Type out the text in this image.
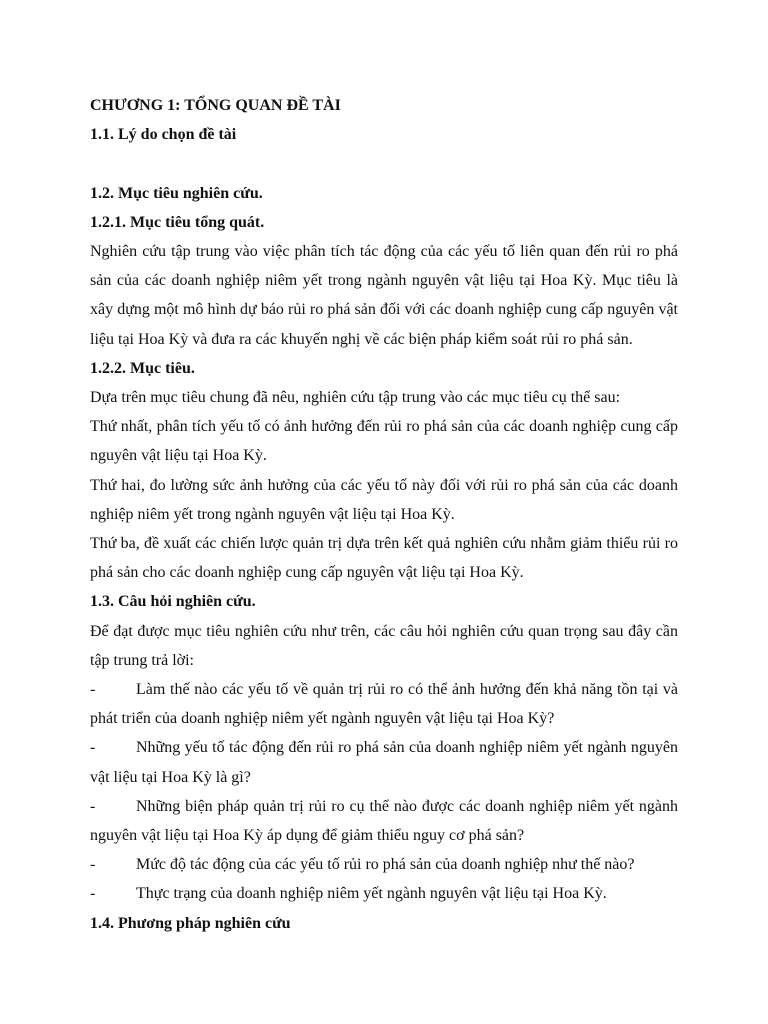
CHƯƠNG 1: TỔNG QUAN ĐỀ TÀI
1.1. Lý do chọn đề tài
1.2. Mục tiêu nghiên cứu.
1.2.1. Mục tiêu tổng quát.

Nghiên cứu tập trung vào việc phân tích tác động của các yếu tố liên quan đến rủi ro phá sản của các doanh nghiệp niêm yết trong ngành nguyên vật liệu tại Hoa Kỳ. Mục tiêu là xây dựng một mô hình dự báo rủi ro phá sản đối với các doanh nghiệp cung cấp nguyên vật liệu tại Hoa Kỳ và đưa ra các khuyến nghị về các biện pháp kiểm soát rủi ro phá sản.

1.2.2. Mục tiêu.

Dựa trên mục tiêu chung đã nêu, nghiên cứu tập trung vào các mục tiêu cụ thể sau:

Thứ nhất, phân tích yếu tố có ảnh hưởng đến rủi ro phá sản của các doanh nghiệp cung cấp nguyên vật liệu tại Hoa Kỳ.

Thứ hai, đo lường sức ảnh hưởng của các yếu tố này đối với rủi ro phá sản của các doanh nghiệp niêm yết trong ngành nguyên vật liệu tại Hoa Kỳ.

Thứ ba, đề xuất các chiến lược quản trị dựa trên kết quả nghiên cứu nhằm giảm thiểu rủi ro phá sản cho các doanh nghiệp cung cấp nguyên vật liệu tại Hoa Kỳ.

1.3. Câu hỏi nghiên cứu.

Để đạt được mục tiêu nghiên cứu như trên, các câu hỏi nghiên cứu quan trọng sau đây cần tập trung trả lời:

-	Làm thế nào các yếu tố về quản trị rủi ro có thể ảnh hưởng đến khả năng tồn tại và phát triển của doanh nghiệp niêm yết ngành nguyên vật liệu tại Hoa Kỳ?

-	Những yếu tố tác động đến rủi ro phá sản của doanh nghiệp niêm yết ngành nguyên vật liệu tại Hoa Kỳ là gì?

-	Những biện pháp quản trị rủi ro cụ thể nào được các doanh nghiệp niêm yết ngành nguyên vật liệu tại Hoa Kỳ áp dụng để giảm thiểu nguy cơ phá sản?

-	Mức độ tác động của các yếu tố rủi ro phá sản của doanh nghiệp như thế nào?

-	Thực trạng của doanh nghiệp niêm yết ngành nguyên vật liệu tại Hoa Kỳ.

1.4. Phương pháp nghiên cứu
